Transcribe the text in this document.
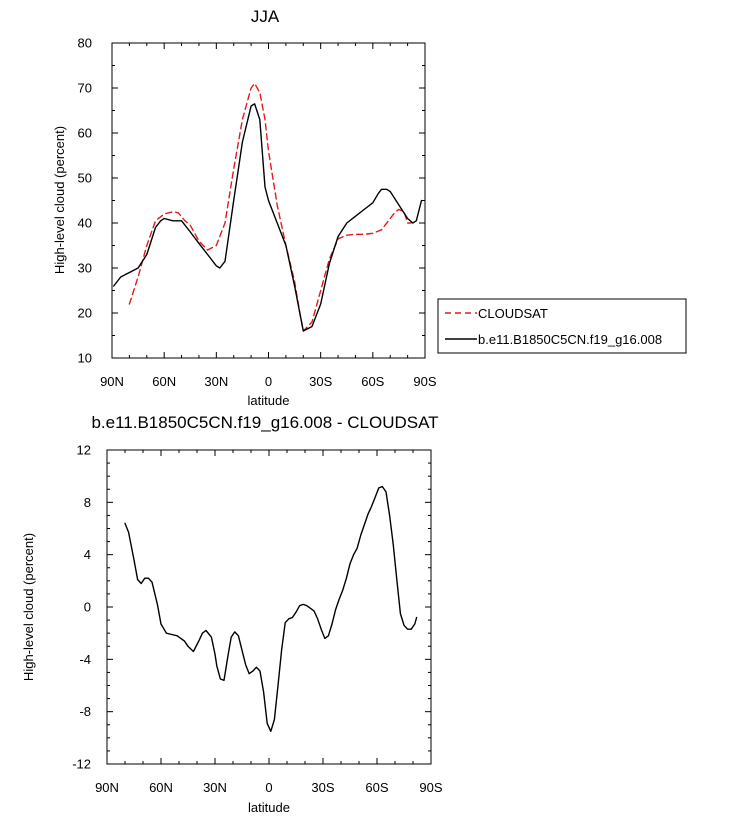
JJA
90N 60N 30N	0	30S 60S 90S
10
20
30
40
50
60
70
80
latitude
High-level cloud (percent)
CLOUDSAT
b.e11.B1850C5CN.f19_g16.008
b.e11.B1850C5CN.f19_g16.008 - CLOUDSAT
90N 60N 30N	0	30S 60S 90S
-12
-8
-4
0
4
8
12
latitude
High-level cloud (percent)
